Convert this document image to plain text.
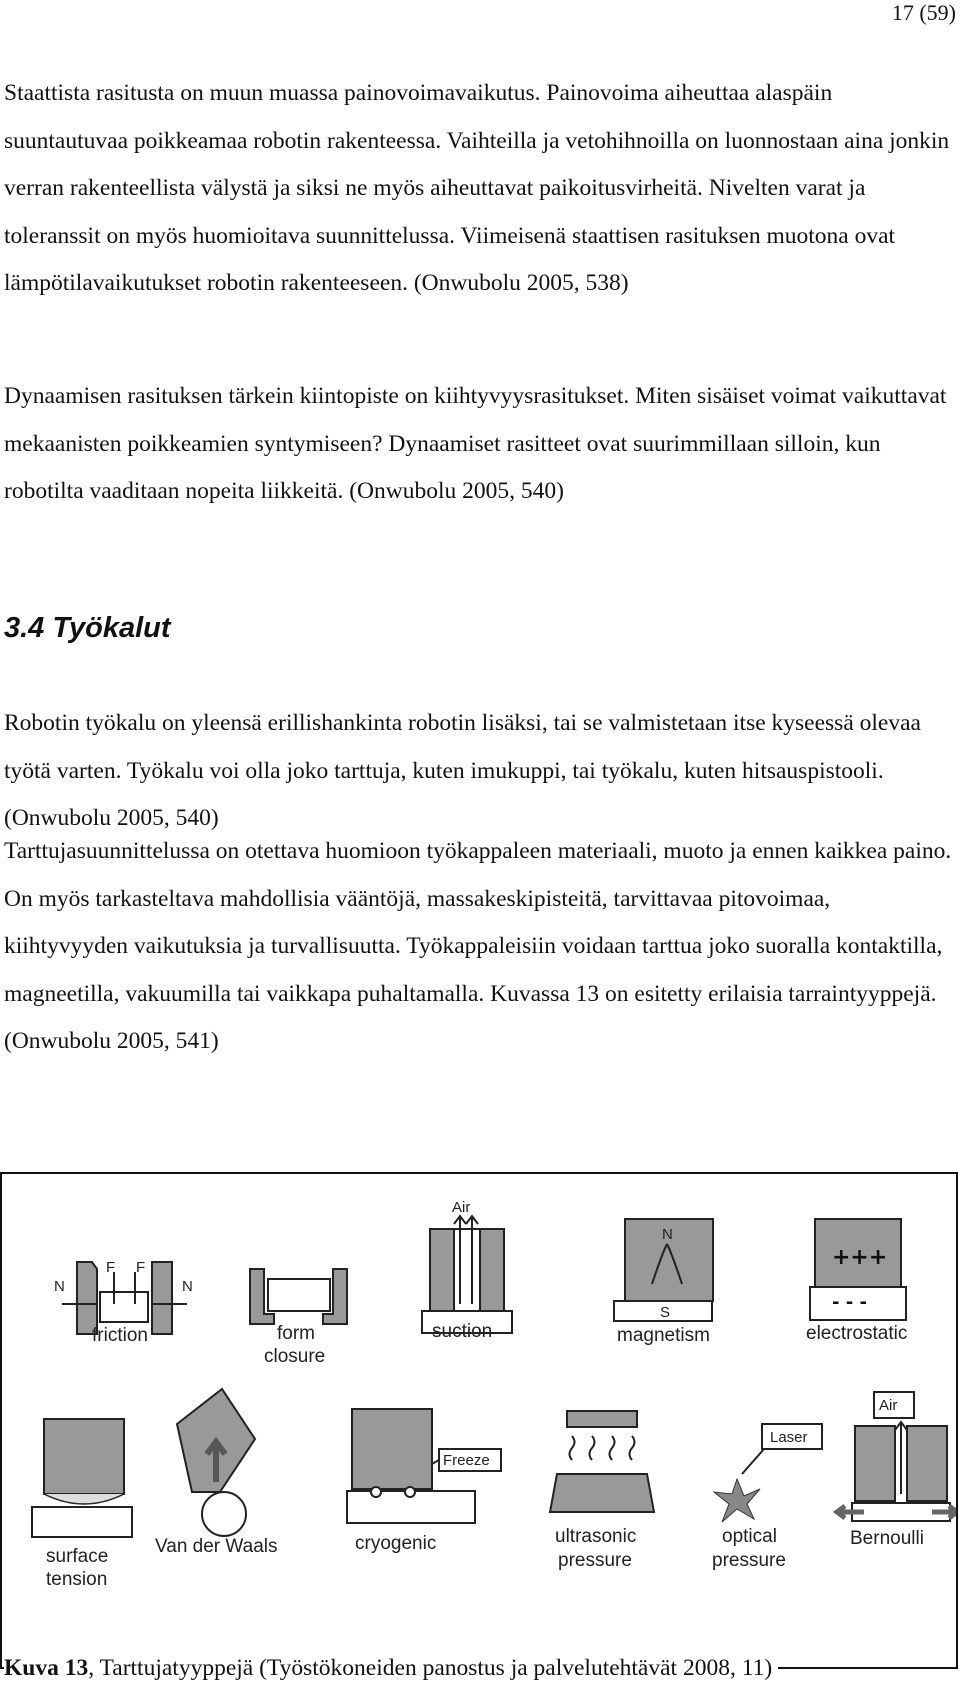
17 (59)

Staattista rasitusta on muun muassa painovoimavaikutus. Painovoima aiheuttaa alaspäin suuntautuvaa poikkeamaa robotin rakenteessa. Vaihteilla ja vetohihnoilla on luonnostaan aina jonkin verran rakenteellista välystä ja siksi ne myös aiheuttavat paikoitusvirheitä. Nivelten varat ja toleranssit on myös huomioitava suunnittelussa. Viimeisenä staattisen rasituksen muotona ovat lämpötilavaikutukset robotin rakenteeseen. (Onwubolu 2005, 538)

Dynaamisen rasituksen tärkein kiintopiste on kiihtyvyysrasitukset. Miten sisäiset voimat vaikuttavat mekaanisten poikkeamien syntymiseen? Dynaamiset rasitteet ovat suurimmillaan silloin, kun robotilta vaaditaan nopeita liikkeitä. (Onwubolu 2005, 540)

3.4 Työkalut

Robotin työkalu on yleensä erillishankinta robotin lisäksi, tai se valmistetaan itse kyseessä olevaa työtä varten. Työkalu voi olla joko tarttuja, kuten imukuppi, tai työkalu, kuten hitsauspistooli. (Onwubolu 2005, 540)

Tarttujasuunnittelussa on otettava huomioon työkappaleen materiaali, muoto ja ennen kaikkea paino. On myös tarkasteltava mahdollisia vääntöjä, massakeskipisteitä, tarvittavaa pitovoimaa, kiihtyvyyden vaikutuksia ja turvallisuutta. Työkappaleisiin voidaan tarttua joko suoralla kontaktilla, magneetilla, vakuumilla tai vaikkapa puhaltamalla. Kuvassa 13 on esitetty erilaisia tarraintyyppejä. (Onwubolu 2005, 541)

N	N
F F
friction	form
closure
Air
suction
N
S
magnetism
+++
- - -
electrostatic
surface
tension
Van der Waals
Freeze
cryogenic	ultrasonic
pressure
Laser
optical
pressure
Air
Bernoulli
Kuva 13, Tarttujatyyppejä (Työstökoneiden panostus ja palvelutehtävät 2008, 11)
